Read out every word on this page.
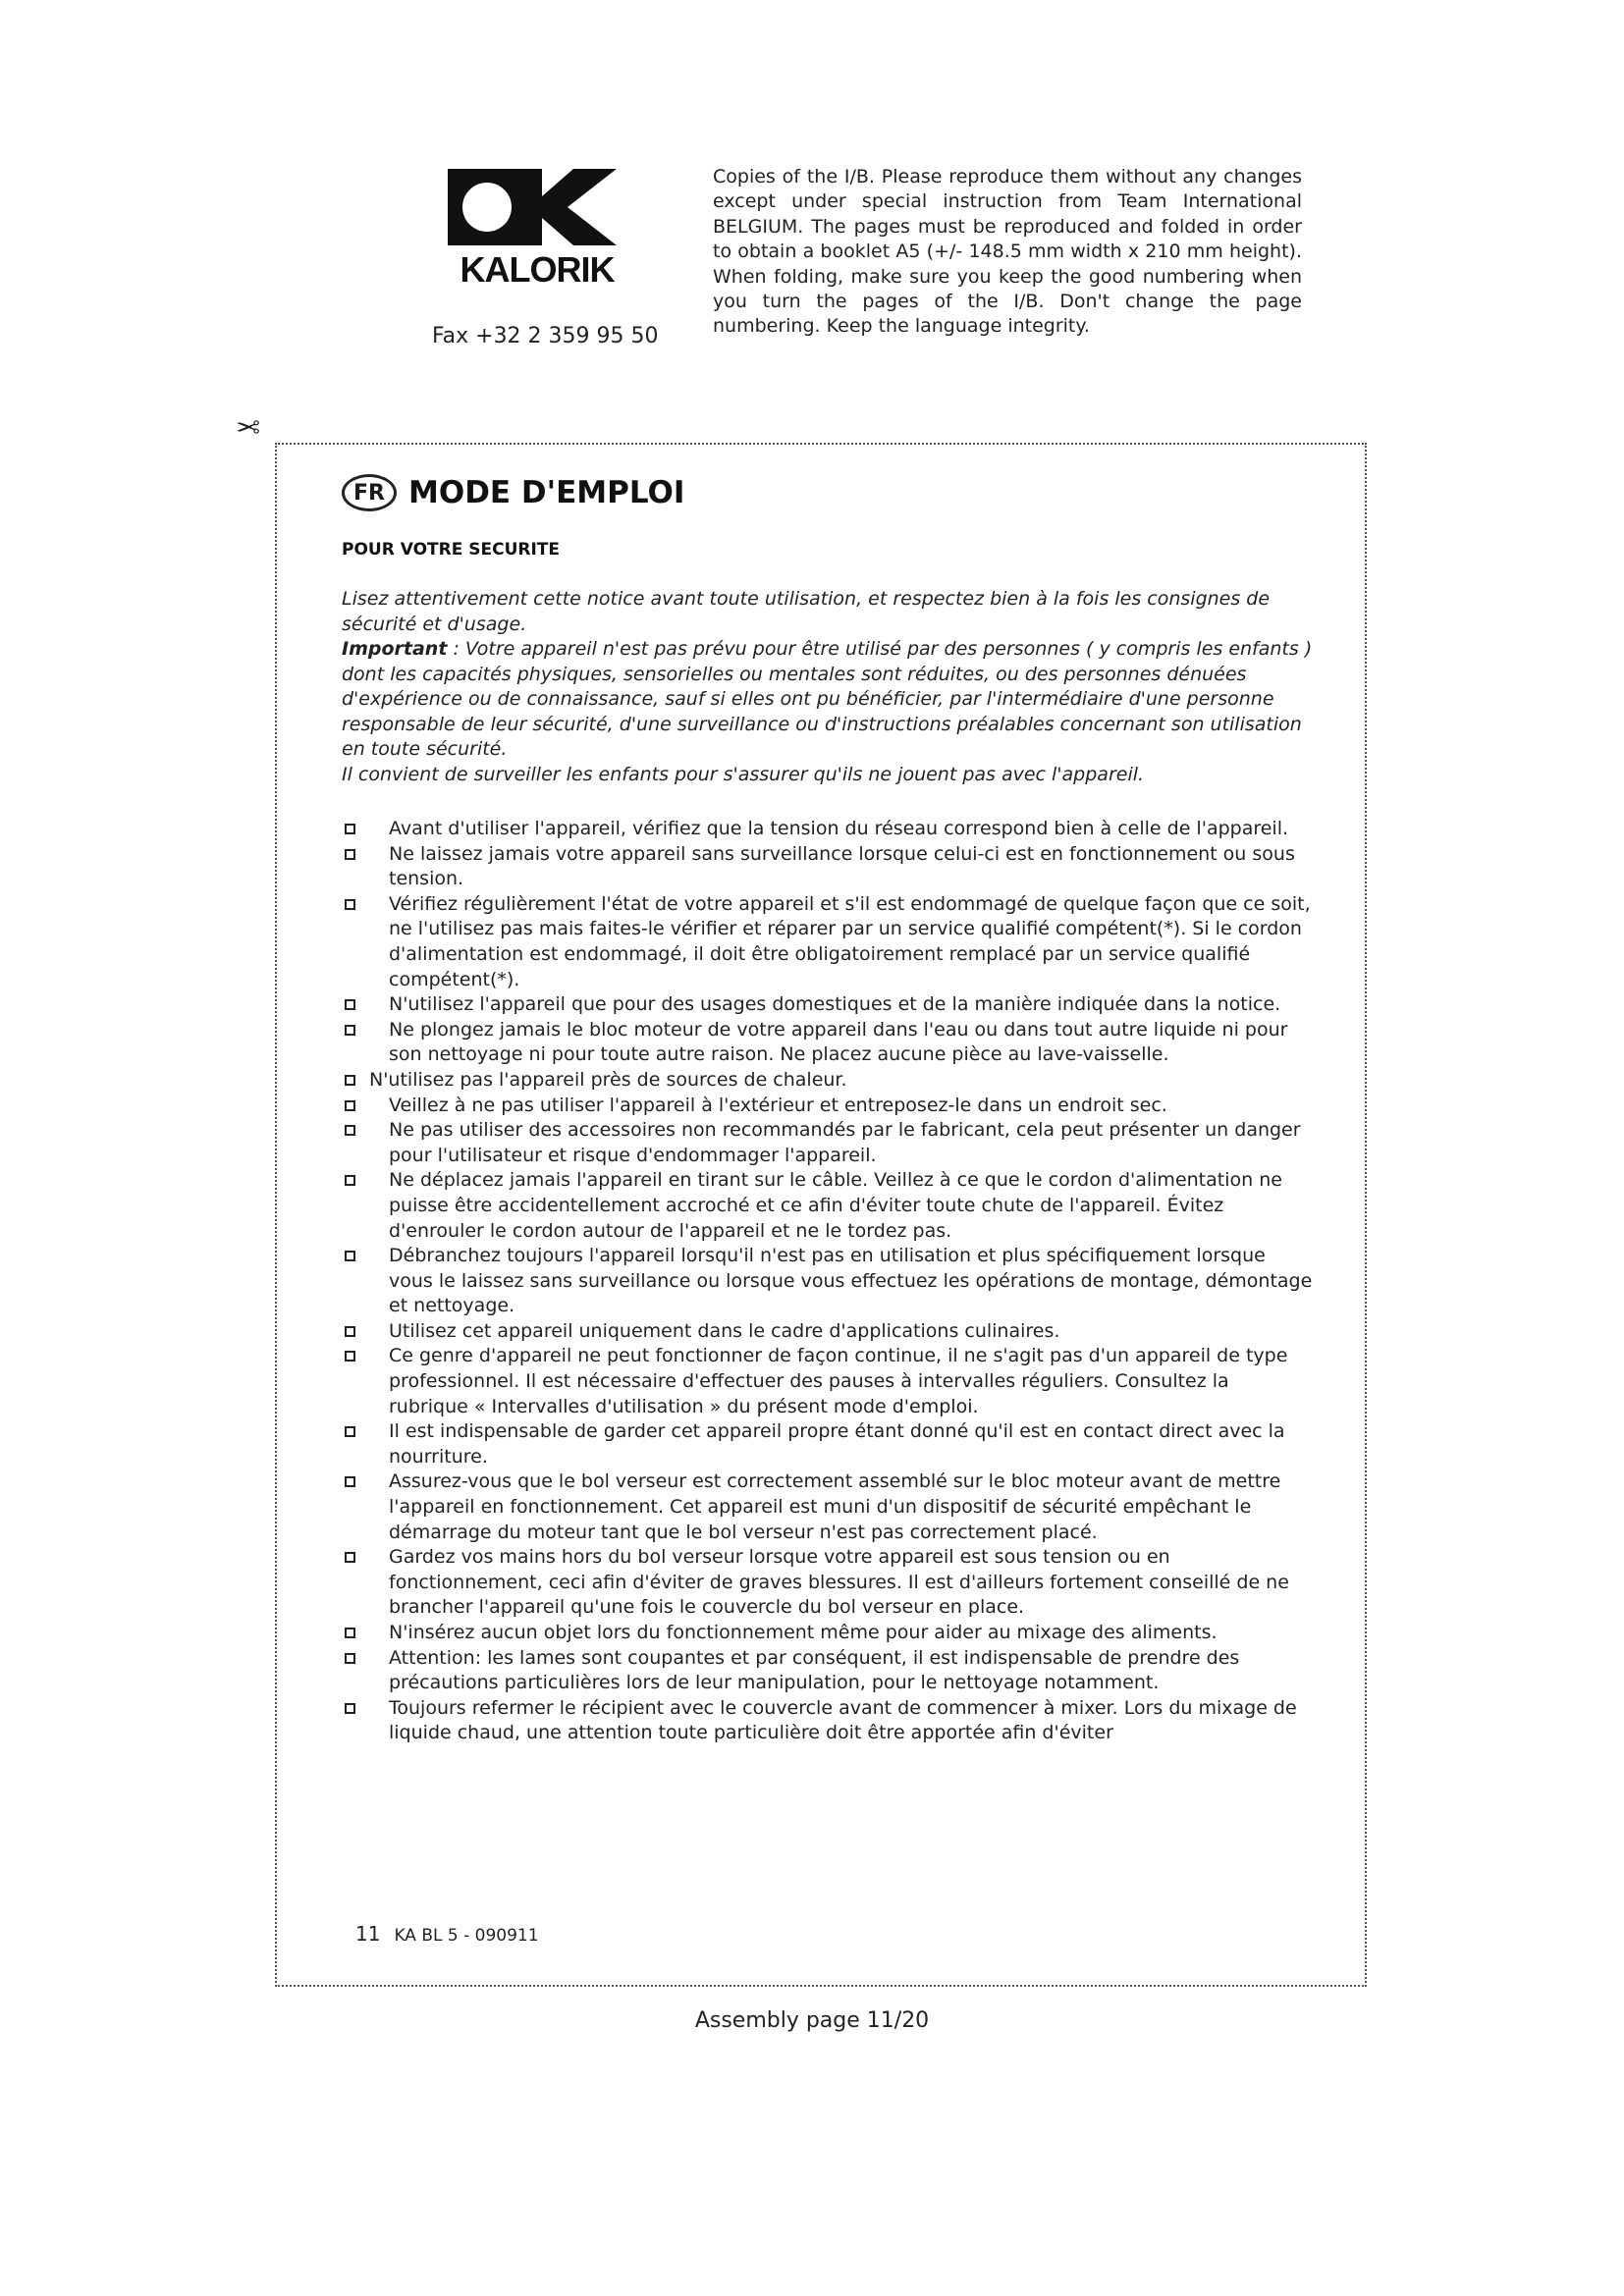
KALORIK
Fax +32 2 359 95 50
Copies of the I/B. Please reproduce them without any changes except under special instruction from Team International BELGIUM. The pages must be reproduced and folded in order to obtain a booklet A5 (+/- 148.5 mm width x 210 mm height). When folding, make sure you keep the good numbering when you turn the pages of the I/B. Don't change the page numbering. Keep the language integrity.
✂
FR MODE D'EMPLOI
POUR VOTRE SECURITE

Lisez attentivement cette notice avant toute utilisation, et respectez bien à la fois les consignes de sécurité et d'usage.

Important : Votre appareil n'est pas prévu pour être utilisé par des personnes ( y compris les enfants ) dont les capacités physiques, sensorielles ou mentales sont réduites, ou des personnes dénuées d'expérience ou de connaissance, sauf si elles ont pu bénéficier, par l'intermédiaire d'une personne responsable de leur sécurité, d'une surveillance ou d'instructions préalables concernant son utilisation en toute sécurité.

Il convient de surveiller les enfants pour s'assurer qu'ils ne jouent pas avec l'appareil.

Avant d'utiliser l'appareil, vérifiez que la tension du réseau correspond bien à celle de l'appareil.
Ne laissez jamais votre appareil sans surveillance lorsque celui-ci est en fonctionnement ou sous tension.
Vérifiez régulièrement l'état de votre appareil et s'il est endommagé de quelque façon que ce soit, ne l'utilisez pas mais faites-le vérifier et réparer par un service qualifié compétent(*). Si le cordon d'alimentation est endommagé, il doit être obligatoirement remplacé par un service qualifié compétent(*).
N'utilisez l'appareil que pour des usages domestiques et de la manière indiquée dans la notice.
Ne plongez jamais le bloc moteur de votre appareil dans l'eau ou dans tout autre liquide ni pour son nettoyage ni pour toute autre raison. Ne placez aucune pièce au lave-vaisselle.
N'utilisez pas l'appareil près de sources de chaleur.
Veillez à ne pas utiliser l'appareil à l'extérieur et entreposez-le dans un endroit sec.
Ne pas utiliser des accessoires non recommandés par le fabricant, cela peut présenter un danger pour l'utilisateur et risque d'endommager l'appareil.
Ne déplacez jamais l'appareil en tirant sur le câble. Veillez à ce que le cordon d'alimentation ne puisse être accidentellement accroché et ce afin d'éviter toute chute de l'appareil. Évitez d'enrouler le cordon autour de l'appareil et ne le tordez pas.
Débranchez toujours l'appareil lorsqu'il n'est pas en utilisation et plus spécifiquement lorsque vous le laissez sans surveillance ou lorsque vous effectuez les opérations de montage, démontage et nettoyage.
Utilisez cet appareil uniquement dans le cadre d'applications culinaires.
Ce genre d'appareil ne peut fonctionner de façon continue, il ne s'agit pas d'un appareil de type professionnel. Il est nécessaire d'effectuer des pauses à intervalles réguliers. Consultez la rubrique « Intervalles d'utilisation » du présent mode d'emploi.
Il est indispensable de garder cet appareil propre étant donné qu'il est en contact direct avec la nourriture.
Assurez-vous que le bol verseur est correctement assemblé sur le bloc moteur avant de mettre l'appareil en fonctionnement. Cet appareil est muni d'un dispositif de sécurité empêchant le démarrage du moteur tant que le bol verseur n'est pas correctement placé.
Gardez vos mains hors du bol verseur lorsque votre appareil est sous tension ou en fonctionnement, ceci afin d'éviter de graves blessures. Il est d'ailleurs fortement conseillé de ne brancher l'appareil qu'une fois le couvercle du bol verseur en place.
N'insérez aucun objet lors du fonctionnement même pour aider au mixage des aliments.
Attention: les lames sont coupantes et par conséquent, il est indispensable de prendre des précautions particulières lors de leur manipulation, pour le nettoyage notamment.
Toujours refermer le récipient avec le couvercle avant de commencer à mixer. Lors du mixage de liquide chaud, une attention toute particulière doit être apportée afin d'éviter
11 KA BL 5 - 090911
Assembly page 11/20
